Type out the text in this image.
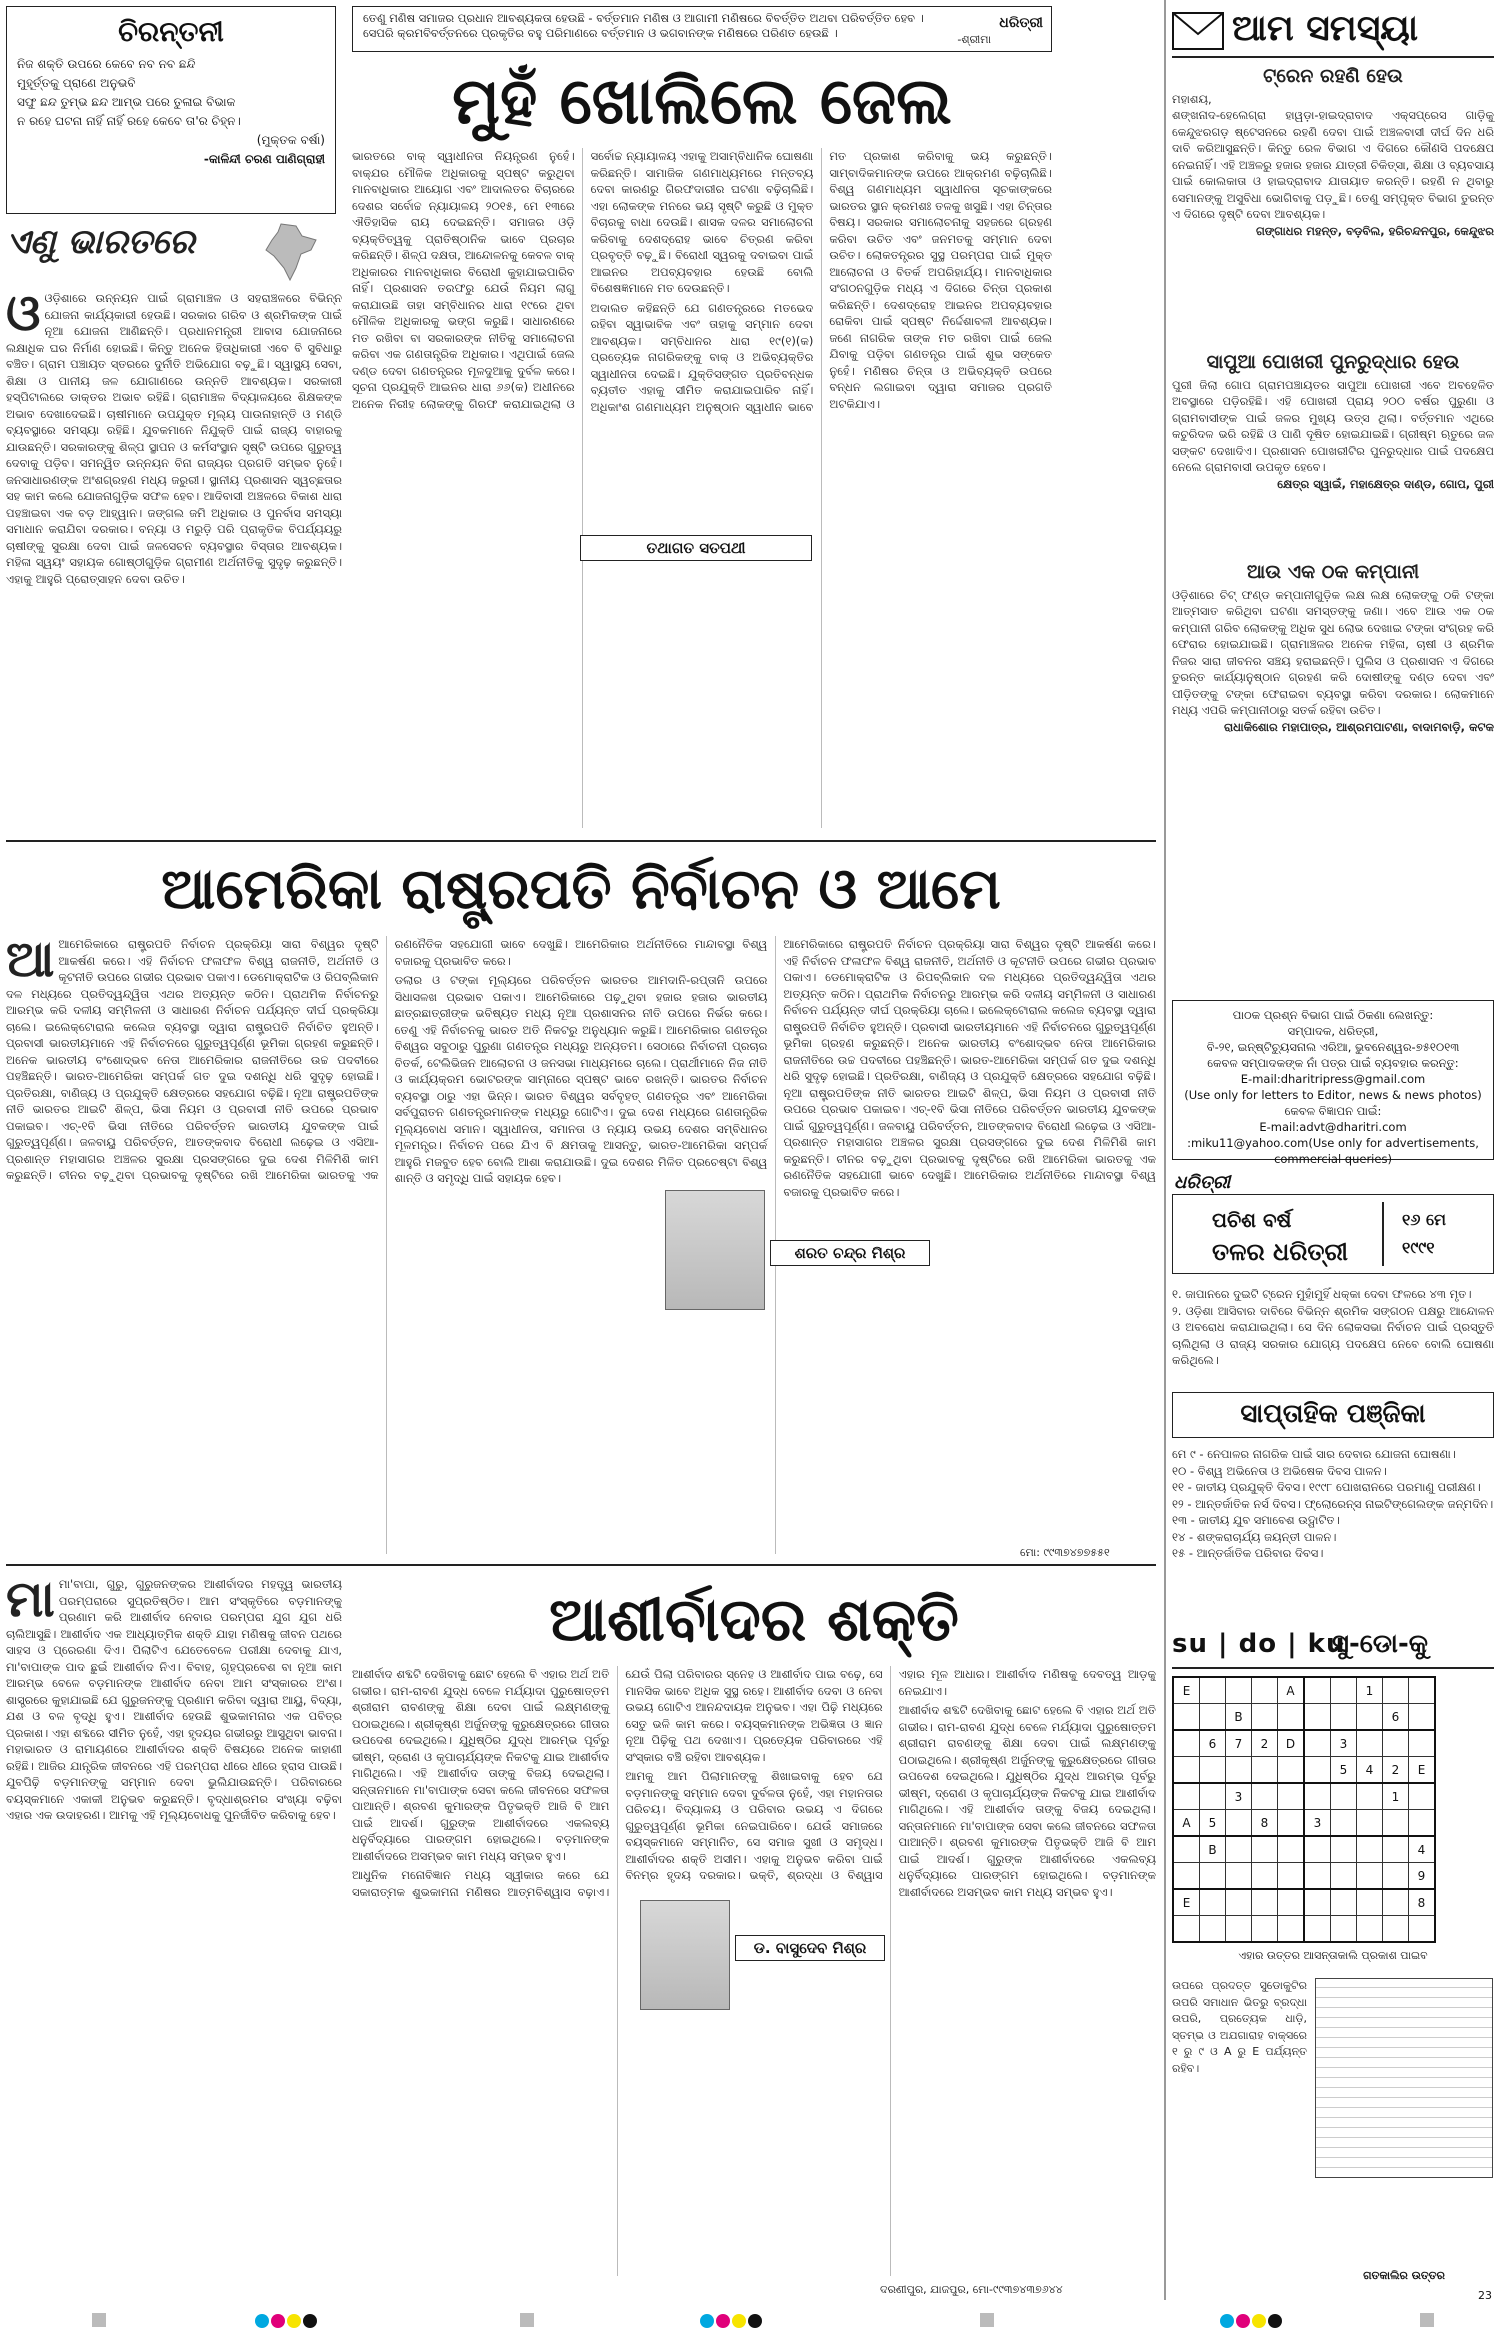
ଚିରନ୍ତନୀ
ନିଜ ଶକ୍ତି ଉପରେ କେବେ ନବ ନବ ଛନ୍ଦି
ମୁହୂର୍ତ୍ତକୁ ପ୍ରାଣେ ଅନୁଭବି
ସଫୁ ଛନ୍ଦ ତୁମ୍ଭ ଛନ୍ଦ ଆମ୍ଭ ପରେ ତୁଳାଇ ବିଭାକ
ନ ରହେ ଘଟନା ନାହିଁ ନାହିଁ ରହେ କେବେ ତା'ର ଚିହ୍ନ।
(ମୁକ୍ତକ ବର୍ଷା)
-କାଳିନ୍ଦୀ ଚରଣ ପାଣିଗ୍ରାହୀ
ଏଣୁ ଭାରତରେ
ଓ ଓଡ଼ିଶାରେ ଉନ୍ନୟନ ପାଇଁ ଗ୍ରାମାଞ୍ଚଳ ଓ ସହରାଞ୍ଚଳରେ ବିଭିନ୍ନ ଯୋଜନା କାର୍ଯ୍ୟକାରୀ ହେଉଛି। ସରକାର ଗରିବ ଓ ଶ୍ରମିକଙ୍କ ପାଇଁ ନୂଆ ଯୋଜନା ଆଣିଛନ୍ତି। ପ୍ରଧାନମନ୍ତ୍ରୀ ଆବାସ ଯୋଜନାରେ ଲକ୍ଷାଧିକ ଘର ନିର୍ମାଣ ହୋଇଛି। କିନ୍ତୁ ଅନେକ ହିତାଧିକାରୀ ଏବେ ବି ସୁବିଧାରୁ ବଞ୍ଚିତ। ଗ୍ରାମ ପଞ୍ଚାୟତ ସ୍ତରରେ ଦୁର୍ନୀତି ଅଭିଯୋଗ ବଢ଼ୁଛି। ସ୍ୱାସ୍ଥ୍ୟ ସେବା, ଶିକ୍ଷା ଓ ପାନୀୟ ଜଳ ଯୋଗାଣରେ ଉନ୍ନତି ଆବଶ୍ୟକ। ସରକାରୀ ହସ୍ପିଟାଲରେ ଡାକ୍ତର ଅଭାବ ରହିଛି। ଗ୍ରାମାଞ୍ଚଳ ବିଦ୍ୟାଳୟରେ ଶିକ୍ଷକଙ୍କ ଅଭାବ ଦେଖାଦେଇଛି। ଚାଷୀମାନେ ଉପଯୁକ୍ତ ମୂଲ୍ୟ ପାଉନାହାନ୍ତି ଓ ମଣ୍ଡି ବ୍ୟବସ୍ଥାରେ ସମସ୍ୟା ରହିଛି। ଯୁବକମାନେ ନିଯୁକ୍ତି ପାଇଁ ରାଜ୍ୟ ବାହାରକୁ ଯାଉଛନ୍ତି। ସରକାରଙ୍କୁ ଶିଳ୍ପ ସ୍ଥାପନ ଓ କର୍ମସଂସ୍ଥାନ ସୃଷ୍ଟି ଉପରେ ଗୁରୁତ୍ୱ ଦେବାକୁ ପଡ଼ିବ। ସମନ୍ୱିତ ଉନ୍ନୟନ ବିନା ରାଜ୍ୟର ପ୍ରଗତି ସମ୍ଭବ ନୁହେଁ। ଜନସାଧାରଣଙ୍କ ଅଂଶଗ୍ରହଣ ମଧ୍ୟ ଜରୁରୀ। ସ୍ଥାନୀୟ ପ୍ରଶାସନ ସ୍ୱଚ୍ଛତାର ସହ କାମ କଲେ ଯୋଜନାଗୁଡ଼ିକ ସଫଳ ହେବ। ଆଦିବାସୀ ଅଞ୍ଚଳରେ ବିକାଶ ଧାରା ପହଞ୍ଚାଇବା ଏକ ବଡ଼ ଆହ୍ୱାନ। ଜଙ୍ଗଲ ଜମି ଅଧିକାର ଓ ପୁନର୍ବାସ ସମସ୍ୟା ସମାଧାନ କରାଯିବା ଦରକାର। ବନ୍ୟା ଓ ମରୁଡ଼ି ପରି ପ୍ରାକୃତିକ ବିପର୍ଯ୍ୟୟରୁ ଚାଷୀଙ୍କୁ ସୁରକ୍ଷା ଦେବା ପାଇଁ ଜଳସେଚନ ବ୍ୟବସ୍ଥାର ବିସ୍ତାର ଆବଶ୍ୟକ। ମହିଳା ସ୍ୱୟଂ ସହାୟକ ଗୋଷ୍ଠୀଗୁଡ଼ିକ ଗ୍ରାମୀଣ ଅର୍ଥନୀତିକୁ ସୁଦୃଢ଼ କରୁଛନ୍ତି। ଏହାକୁ ଆହୁରି ପ୍ରୋତ୍ସାହନ ଦେବା ଉଚିତ।
ତେଣୁ ମଣିଷ ସମାଜର ପ୍ରଧାନ ଆବଶ୍ୟକତା ହେଉଛି - ବର୍ତ୍ତମାନ ମଣିଷ ଓ ଆଗାମୀ ମଣିଷରେ ବିବର୍ତ୍ତିତ ଅଥବା ପରିବର୍ତ୍ତିତ ହେବ ।
ସେପରି କ୍ରମବିବର୍ତ୍ତନରେ ପ୍ରକୃତିର ବହୁ ପରିମାଣରେ ବର୍ତ୍ତମାନ ଓ ଭଗବାନଙ୍କ ମଣିଷରେ ପରିଣତ ହେଉଛି ।	-ଶ୍ରୀମା
ଧରିତ୍ରୀ
ମୁହଁ ଖୋଲିଲେ ଜେଲ

ଭାରତରେ ବାକ୍ ସ୍ୱାଧୀନତା ନିୟନ୍ତ୍ରଣ ନୁହେଁ। ବାକ୍ଯର ମୌଳିକ ଅଧିକାରକୁ ସ୍ପଷ୍ଟ କରୁଥିବା ମାନବାଧିକାର ଆୟୋଗ ଏବଂ ଆଦାଲତର ବିଚାରରେ ଦେଶର ସର୍ବୋଚ୍ଚ ନ୍ୟାୟାଳୟ ୨୦୧୫, ମେ ୧୩ରେ ଐତିହାସିକ ରାୟ ଦେଇଛନ୍ତି। ସମାଜର ଓଡ଼ି ବ୍ୟକ୍ତିତ୍ୱକୁ ପ୍ରାତିଷ୍ଠାନିକ ଭାବେ ପ୍ରଚାର କରିଛନ୍ତି। ଶିଳ୍ପ ଦକ୍ଷତା, ଆନ୍ଦୋଳନକୁ କେବଳ ବାକ୍ ଅଧିକାରର ମାନବାଧିକାର ବିରୋଧୀ କୁହାଯାଇପାରିବ ନାହିଁ। ପ୍ରଶାସନ ତରଫରୁ ଯେଉଁ ନିୟମ ଲାଗୁ କରାଯାଉଛି ତାହା ସମ୍ବିଧାନର ଧାରା ୧୯ରେ ଥିବା ମୌଳିକ ଅଧିକାରକୁ ଭଙ୍ଗ କରୁଛି। ସାଧାରଣରେ ମତ ରଖିବା ବା ସରକାରଙ୍କ ନୀତିକୁ ସମାଲୋଚନା କରିବା ଏକ ଗଣତାନ୍ତ୍ରିକ ଅଧିକାର। ଏଥିପାଇଁ ଜେଲ ଦଣ୍ଡ ଦେବା ଗଣତନ୍ତ୍ରର ମୂଳଦୁଆକୁ ଦୁର୍ବଳ କରେ। ସୂଚନା ପ୍ରଯୁକ୍ତି ଆଇନର ଧାରା ୬୬(କ) ଅଧୀନରେ ଅନେକ ନିରୀହ ଲୋକଙ୍କୁ ଗିରଫ କରାଯାଇଥିଲା ଓ ସର୍ବୋଚ୍ଚ ନ୍ୟାୟାଳୟ ଏହାକୁ ଅସାମ୍ବିଧାନିକ ଘୋଷଣା କରିଛନ୍ତି। ସାମାଜିକ ଗଣମାଧ୍ୟମରେ ମନ୍ତବ୍ୟ ଦେବା କାରଣରୁ ଗିରଫଦାରୀର ଘଟଣା ବଢ଼ିଚାଲିଛି। ଏହା ଲୋକଙ୍କ ମନରେ ଭୟ ସୃଷ୍ଟି କରୁଛି ଓ ମୁକ୍ତ ବିଚାରକୁ ବାଧା ଦେଉଛି। ଶାସକ ଦଳର ସମାଲୋଚନା କରିବାକୁ ଦେଶଦ୍ରୋହ ଭାବେ ଚିତ୍ରଣ କରିବା ପ୍ରବୃତ୍ତି ବଢ଼ୁଛି। ବିରୋଧୀ ସ୍ୱରକୁ ଦବାଇବା ପାଇଁ ଆଇନର ଅପବ୍ୟବହାର ହେଉଛି ବୋଲି ବିଶେଷଜ୍ଞମାନେ ମତ ଦେଉଛନ୍ତି।

ଅଦାଲତ କହିଛନ୍ତି ଯେ ଗଣତନ୍ତ୍ରରେ ମତଭେଦ ରହିବା ସ୍ୱାଭାବିକ ଏବଂ ତାହାକୁ ସମ୍ମାନ ଦେବା ଆବଶ୍ୟକ। ସମ୍ବିଧାନର ଧାରା ୧୯(୧)(କ) ପ୍ରତ୍ୟେକ ନାଗରିକଙ୍କୁ ବାକ୍ ଓ ଅଭିବ୍ୟକ୍ତିର ସ୍ୱାଧୀନତା ଦେଇଛି। ଯୁକ୍ତିସଙ୍ଗତ ପ୍ରତିବନ୍ଧକ ବ୍ୟତୀତ ଏହାକୁ ସୀମିତ କରାଯାଇପାରିବ ନାହିଁ। ଅଧିକାଂଶ ଗଣମାଧ୍ୟମ ଅନୁଷ୍ଠାନ ସ୍ୱାଧୀନ ଭାବେ ମତ ପ୍ରକାଶ କରିବାକୁ ଭୟ କରୁଛନ୍ତି। ସାମ୍ବାଦିକମାନଙ୍କ ଉପରେ ଆକ୍ରମଣ ବଢ଼ିଚାଲିଛି। ବିଶ୍ୱ ଗଣମାଧ୍ୟମ ସ୍ୱାଧୀନତା ସୂଚକାଙ୍କରେ ଭାରତର ସ୍ଥାନ କ୍ରମଶଃ ତଳକୁ ଖସୁଛି। ଏହା ଚିନ୍ତାର ବିଷୟ। ସରକାର ସମାଲୋଚନାକୁ ସହଜରେ ଗ୍ରହଣ କରିବା ଉଚିତ ଏବଂ ଜନମତକୁ ସମ୍ମାନ ଦେବା ଉଚିତ। ଲୋକତନ୍ତ୍ରର ସୁସ୍ଥ ପରମ୍ପରା ପାଇଁ ମୁକ୍ତ ଆଲୋଚନା ଓ ବିତର୍କ ଅପରିହାର୍ଯ୍ୟ। ମାନବାଧିକାର ସଂଗଠନଗୁଡ଼ିକ ମଧ୍ୟ ଏ ଦିଗରେ ଚିନ୍ତା ପ୍ରକାଶ କରିଛନ୍ତି। ଦେଶଦ୍ରୋହ ଆଇନର ଅପବ୍ୟବହାର ରୋକିବା ପାଇଁ ସ୍ପଷ୍ଟ ନିର୍ଦ୍ଦେଶାବଳୀ ଆବଶ୍ୟକ। ଜଣେ ନାଗରିକ ତାଙ୍କ ମତ ରଖିବା ପାଇଁ ଜେଲ ଯିବାକୁ ପଡ଼ିବା ଗଣତନ୍ତ୍ର ପାଇଁ ଶୁଭ ସଙ୍କେତ ନୁହେଁ। ମଣିଷର ଚିନ୍ତା ଓ ଅଭିବ୍ୟକ୍ତି ଉପରେ ବନ୍ଧନ ଲଗାଇବା ଦ୍ୱାରା ସମାଜର ପ୍ରଗତି ଅଟକିଯାଏ।

ତଥାଗତ ସତପଥୀ
ଆମେରିକା ରାଷ୍ଟ୍ରପତି ନିର୍ବାଚନ ଓ ଆମେ
ଆ ଆମେରିକାରେ ରାଷ୍ଟ୍ରପତି ନିର୍ବାଚନ ପ୍ରକ୍ରିୟା ସାରା ବିଶ୍ୱର ଦୃଷ୍ଟି ଆକର୍ଷଣ କରେ। ଏହି ନିର୍ବାଚନ ଫଳାଫଳ ବିଶ୍ୱ ରାଜନୀତି, ଅର୍ଥନୀତି ଓ କୂଟନୀତି ଉପରେ ଗଭୀର ପ୍ରଭାବ ପକାଏ। ଡେମୋକ୍ରାଟିକ ଓ ରିପବ୍ଲିକାନ ଦଳ ମଧ୍ୟରେ ପ୍ରତିଦ୍ୱନ୍ଦ୍ୱିତା ଏଥର ଅତ୍ୟନ୍ତ କଠିନ। ପ୍ରାଥମିକ ନିର୍ବାଚନରୁ ଆରମ୍ଭ କରି ଦଳୀୟ ସମ୍ମିଳନୀ ଓ ସାଧାରଣ ନିର୍ବାଚନ ପର୍ଯ୍ୟନ୍ତ ଦୀର୍ଘ ପ୍ରକ୍ରିୟା ଚାଲେ। ଇଲେକ୍ଟୋରାଲ କଲେଜ ବ୍ୟବସ୍ଥା ଦ୍ୱାରା ରାଷ୍ଟ୍ରପତି ନିର୍ବାଚିତ ହୁଅନ୍ତି। ପ୍ରବାସୀ ଭାରତୀୟମାନେ ଏହି ନିର୍ବାଚନରେ ଗୁରୁତ୍ୱପୂର୍ଣ୍ଣ ଭୂମିକା ଗ୍ରହଣ କରୁଛନ୍ତି। ଅନେକ ଭାରତୀୟ ବଂଶୋଦ୍ଭବ ନେତା ଆମେରିକାର ରାଜନୀତିରେ ଉଚ୍ଚ ପଦବୀରେ ପହଞ୍ଚିଛନ୍ତି। ଭାରତ-ଆମେରିକା ସମ୍ପର୍କ ଗତ ଦୁଇ ଦଶନ୍ଧି ଧରି ସୁଦୃଢ଼ ହୋଇଛି। ପ୍ରତିରକ୍ଷା, ବାଣିଜ୍ୟ ଓ ପ୍ରଯୁକ୍ତି କ୍ଷେତ୍ରରେ ସହଯୋଗ ବଢ଼ିଛି। ନୂଆ ରାଷ୍ଟ୍ରପତିଙ୍କ ନୀତି ଭାରତର ଆଇଟି ଶିଳ୍ପ, ଭିସା ନିୟମ ଓ ପ୍ରବାସୀ ନୀତି ଉପରେ ପ୍ରଭାବ ପକାଇବ। ଏଚ୍-୧ବି ଭିସା ନୀତିରେ ପରିବର୍ତ୍ତନ ଭାରତୀୟ ଯୁବକଙ୍କ ପାଇଁ ଗୁରୁତ୍ୱପୂର୍ଣ୍ଣ। ଜଳବାୟୁ ପରିବର୍ତ୍ତନ, ଆତଙ୍କବାଦ ବିରୋଧୀ ଲଢ଼େଇ ଓ ଏସିଆ-ପ୍ରଶାନ୍ତ ମହାସାଗର ଅଞ୍ଚଳର ସୁରକ୍ଷା ପ୍ରସଙ୍ଗରେ ଦୁଇ ଦେଶ ମିଳିମିଶି କାମ କରୁଛନ୍ତି। ଚୀନର ବଢ଼ୁଥିବା ପ୍ରଭାବକୁ ଦୃଷ୍ଟିରେ ରଖି ଆମେରିକା ଭାରତକୁ ଏକ ରଣନୈତିକ ସହଯୋଗୀ ଭାବେ ଦେଖୁଛି। ଆମେରିକାର ଅର୍ଥନୀତିରେ ମାନ୍ଦାବସ୍ଥା ବିଶ୍ୱ ବଜାରକୁ ପ୍ରଭାବିତ କରେ।

ଡଲାର ଓ ଟଙ୍କା ମୂଲ୍ୟରେ ପରିବର୍ତ୍ତନ ଭାରତର ଆମଦାନି-ରପ୍ତାନି ଉପରେ ସିଧାସଳଖ ପ୍ରଭାବ ପକାଏ। ଆମେରିକାରେ ପଢ଼ୁଥିବା ହଜାର ହଜାର ଭାରତୀୟ ଛାତ୍ରଛାତ୍ରୀଙ୍କ ଭବିଷ୍ୟତ ମଧ୍ୟ ନୂଆ ପ୍ରଶାସନର ନୀତି ଉପରେ ନିର୍ଭର କରେ। ତେଣୁ ଏହି ନିର୍ବାଚନକୁ ଭାରତ ଅତି ନିକଟରୁ ଅନୁଧ୍ୟାନ କରୁଛି। ଆମେରିକାର ଗଣତନ୍ତ୍ର ବିଶ୍ୱର ସବୁଠାରୁ ପୁରୁଣା ଗଣତନ୍ତ୍ର ମଧ୍ୟରୁ ଅନ୍ୟତମ। ସେଠାରେ ନିର୍ବାଚନୀ ପ୍ରଚାର ବିତର୍କ, ଟେଲିଭିଜନ ଆଲୋଚନା ଓ ଜନସଭା ମାଧ୍ୟମରେ ଚାଲେ। ପ୍ରାର୍ଥୀମାନେ ନିଜ ନୀତି ଓ କାର୍ଯ୍ୟକ୍ରମ ଭୋଟରଙ୍କ ସାମ୍ନାରେ ସ୍ପଷ୍ଟ ଭାବେ ରଖନ୍ତି। ଭାରତର ନିର୍ବାଚନ ବ୍ୟବସ୍ଥା ଠାରୁ ଏହା ଭିନ୍ନ। ଭାରତ ବିଶ୍ୱର ସର୍ବବୃହତ୍ ଗଣତନ୍ତ୍ର ଏବଂ ଆମେରିକା ସର୍ବପୁରାତନ ଗଣତନ୍ତ୍ରମାନଙ୍କ ମଧ୍ୟରୁ ଗୋଟିଏ। ଦୁଇ ଦେଶ ମଧ୍ୟରେ ଗଣତାନ୍ତ୍ରିକ ମୂଲ୍ୟବୋଧ ସମାନ। ସ୍ୱାଧୀନତା, ସମାନତା ଓ ନ୍ୟାୟ ଉଭୟ ଦେଶର ସମ୍ବିଧାନର ମୂଳମନ୍ତ୍ର। ନିର୍ବାଚନ ପରେ ଯିଏ ବି କ୍ଷମତାକୁ ଆସନ୍ତୁ, ଭାରତ-ଆମେରିକା ସମ୍ପର୍କ ଆହୁରି ମଜବୁତ ହେବ ବୋଲି ଆଶା କରାଯାଉଛି। ଦୁଇ ଦେଶର ମିଳିତ ପ୍ରଚେଷ୍ଟା ବିଶ୍ୱ ଶାନ୍ତି ଓ ସମୃଦ୍ଧି ପାଇଁ ସହାୟକ ହେବ।

ଆମେରିକାରେ ରାଷ୍ଟ୍ରପତି ନିର୍ବାଚନ ପ୍ରକ୍ରିୟା ସାରା ବିଶ୍ୱର ଦୃଷ୍ଟି ଆକର୍ଷଣ କରେ। ଏହି ନିର୍ବାଚନ ଫଳାଫଳ ବିଶ୍ୱ ରାଜନୀତି, ଅର୍ଥନୀତି ଓ କୂଟନୀତି ଉପରେ ଗଭୀର ପ୍ରଭାବ ପକାଏ। ଡେମୋକ୍ରାଟିକ ଓ ରିପବ୍ଲିକାନ ଦଳ ମଧ୍ୟରେ ପ୍ରତିଦ୍ୱନ୍ଦ୍ୱିତା ଏଥର ଅତ୍ୟନ୍ତ କଠିନ। ପ୍ରାଥମିକ ନିର୍ବାଚନରୁ ଆରମ୍ଭ କରି ଦଳୀୟ ସମ୍ମିଳନୀ ଓ ସାଧାରଣ ନିର୍ବାଚନ ପର୍ଯ୍ୟନ୍ତ ଦୀର୍ଘ ପ୍ରକ୍ରିୟା ଚାଲେ। ଇଲେକ୍ଟୋରାଲ କଲେଜ ବ୍ୟବସ୍ଥା ଦ୍ୱାରା ରାଷ୍ଟ୍ରପତି ନିର୍ବାଚିତ ହୁଅନ୍ତି। ପ୍ରବାସୀ ଭାରତୀୟମାନେ ଏହି ନିର୍ବାଚନରେ ଗୁରୁତ୍ୱପୂର୍ଣ୍ଣ ଭୂମିକା ଗ୍ରହଣ କରୁଛନ୍ତି। ଅନେକ ଭାରତୀୟ ବଂଶୋଦ୍ଭବ ନେତା ଆମେରିକାର ରାଜନୀତିରେ ଉଚ୍ଚ ପଦବୀରେ ପହଞ୍ଚିଛନ୍ତି। ଭାରତ-ଆମେରିକା ସମ୍ପର୍କ ଗତ ଦୁଇ ଦଶନ୍ଧି ଧରି ସୁଦୃଢ଼ ହୋଇଛି। ପ୍ରତିରକ୍ଷା, ବାଣିଜ୍ୟ ଓ ପ୍ରଯୁକ୍ତି କ୍ଷେତ୍ରରେ ସହଯୋଗ ବଢ଼ିଛି। ନୂଆ ରାଷ୍ଟ୍ରପତିଙ୍କ ନୀତି ଭାରତର ଆଇଟି ଶିଳ୍ପ, ଭିସା ନିୟମ ଓ ପ୍ରବାସୀ ନୀତି ଉପରେ ପ୍ରଭାବ ପକାଇବ। ଏଚ୍-୧ବି ଭିସା ନୀତିରେ ପରିବର୍ତ୍ତନ ଭାରତୀୟ ଯୁବକଙ୍କ ପାଇଁ ଗୁରୁତ୍ୱପୂର୍ଣ୍ଣ। ଜଳବାୟୁ ପରିବର୍ତ୍ତନ, ଆତଙ୍କବାଦ ବିରୋଧୀ ଲଢ଼େଇ ଓ ଏସିଆ-ପ୍ରଶାନ୍ତ ମହାସାଗର ଅଞ୍ଚଳର ସୁରକ୍ଷା ପ୍ରସଙ୍ଗରେ ଦୁଇ ଦେଶ ମିଳିମିଶି କାମ କରୁଛନ୍ତି। ଚୀନର ବଢ଼ୁଥିବା ପ୍ରଭାବକୁ ଦୃଷ୍ଟିରେ ରଖି ଆମେରିକା ଭାରତକୁ ଏକ ରଣନୈତିକ ସହଯୋଗୀ ଭାବେ ଦେଖୁଛି। ଆମେରିକାର ଅର୍ଥନୀତିରେ ମାନ୍ଦାବସ୍ଥା ବିଶ୍ୱ ବଜାରକୁ ପ୍ରଭାବିତ କରେ।

ଶରତ ଚନ୍ଦ୍ର ମିଶ୍ର
ମୋ: ୯୯୩୭୪୭୭୫୫୧
ମା ମା'ବାପା, ଗୁରୁ, ଗୁରୁଜନଙ୍କର ଆଶୀର୍ବାଦର ମହତ୍ତ୍ୱ ଭାରତୀୟ ପରମ୍ପରାରେ ସୁପ୍ରତିଷ୍ଠିତ। ଆମ ସଂସ୍କୃତିରେ ବଡ଼ମାନଙ୍କୁ ପ୍ରଣାମ କରି ଆଶୀର୍ବାଦ ନେବାର ପରମ୍ପରା ଯୁଗ ଯୁଗ ଧରି ଚାଲିଆସୁଛି। ଆଶୀର୍ବାଦ ଏକ ଆଧ୍ୟାତ୍ମିକ ଶକ୍ତି ଯାହା ମଣିଷକୁ ଜୀବନ ପଥରେ ସାହସ ଓ ପ୍ରେରଣା ଦିଏ। ପିଲାଟିଏ ଯେତେବେଳେ ପରୀକ୍ଷା ଦେବାକୁ ଯାଏ, ମା'ବାପାଙ୍କ ପାଦ ଛୁଇଁ ଆଶୀର୍ବାଦ ନିଏ। ବିବାହ, ଗୃହପ୍ରବେଶ ବା ନୂଆ କାମ ଆରମ୍ଭ ବେଳେ ବଡ଼ମାନଙ୍କ ଆଶୀର୍ବାଦ ନେବା ଆମ ସଂସ୍କାରର ଅଂଶ। ଶାସ୍ତ୍ରରେ କୁହାଯାଇଛି ଯେ ଗୁରୁଜନଙ୍କୁ ପ୍ରଣାମ କରିବା ଦ୍ୱାରା ଆୟୁ, ବିଦ୍ୟା, ଯଶ ଓ ବଳ ବୃଦ୍ଧି ହୁଏ। ଆଶୀର୍ବାଦ ହେଉଛି ଶୁଭକାମନାର ଏକ ପବିତ୍ର ପ୍ରକାଶ। ଏହା ଶବ୍ଦରେ ସୀମିତ ନୁହେଁ, ଏହା ହୃଦୟର ଗଭୀରରୁ ଆସୁଥିବା ଭାବନା। ମହାଭାରତ ଓ ରାମାୟଣରେ ଆଶୀର୍ବାଦର ଶକ୍ତି ବିଷୟରେ ଅନେକ କାହାଣୀ ରହିଛି। ଆଜିର ଯାନ୍ତ୍ରିକ ଜୀବନରେ ଏହି ପରମ୍ପରା ଧୀରେ ଧୀରେ ହ୍ରାସ ପାଉଛି। ଯୁବପିଢ଼ି ବଡ଼ମାନଙ୍କୁ ସମ୍ମାନ ଦେବା ଭୁଲିଯାଉଛନ୍ତି। ପରିବାରରେ ବୟସ୍କମାନେ ଏକାକୀ ଅନୁଭବ କରୁଛନ୍ତି। ବୃଦ୍ଧାଶ୍ରମର ସଂଖ୍ୟା ବଢ଼ିବା ଏହାର ଏକ ଉଦାହରଣ। ଆମକୁ ଏହି ମୂଲ୍ୟବୋଧକୁ ପୁନର୍ଜୀବିତ କରିବାକୁ ହେବ।
ଆଶୀର୍ବାଦର ଶକ୍ତି

ଆଶୀର୍ବାଦ ଶବ୍ଦଟି ଦେଖିବାକୁ ଛୋଟ ହେଲେ ବି ଏହାର ଅର୍ଥ ଅତି ଗଭୀର। ରାମ-ରାବଣ ଯୁଦ୍ଧ ବେଳେ ମର୍ଯ୍ୟାଦା ପୁରୁଷୋତ୍ତମ ଶ୍ରୀରାମ ରାବଣଙ୍କୁ ଶିକ୍ଷା ଦେବା ପାଇଁ ଲକ୍ଷ୍ମଣଙ୍କୁ ପଠାଇଥିଲେ। ଶ୍ରୀକୃଷ୍ଣ ଅର୍ଜୁନଙ୍କୁ କୁରୁକ୍ଷେତ୍ରରେ ଗୀତାର ଉପଦେଶ ଦେଇଥିଲେ। ଯୁଧିଷ୍ଠିର ଯୁଦ୍ଧ ଆରମ୍ଭ ପୂର୍ବରୁ ଭୀଷ୍ମ, ଦ୍ରୋଣ ଓ କୃପାଚାର୍ଯ୍ୟଙ୍କ ନିକଟକୁ ଯାଇ ଆଶୀର୍ବାଦ ମାଗିଥିଲେ। ଏହି ଆଶୀର୍ବାଦ ତାଙ୍କୁ ବିଜୟ ଦେଇଥିଲା। ସନ୍ତାନମାନେ ମା'ବାପାଙ୍କ ସେବା କଲେ ଜୀବନରେ ସଫଳତା ପାଆନ୍ତି। ଶ୍ରବଣ କୁମାରଙ୍କ ପିତୃଭକ୍ତି ଆଜି ବି ଆମ ପାଇଁ ଆଦର୍ଶ। ଗୁରୁଙ୍କ ଆଶୀର୍ବାଦରେ ଏକଲବ୍ୟ ଧନୁର୍ବିଦ୍ୟାରେ ପାରଙ୍ଗମ ହୋଇଥିଲେ। ବଡ଼ମାନଙ୍କ ଆଶୀର୍ବାଦରେ ଅସମ୍ଭବ କାମ ମଧ୍ୟ ସମ୍ଭବ ହୁଏ।

ଆଧୁନିକ ମନୋବିଜ୍ଞାନ ମଧ୍ୟ ସ୍ୱୀକାର କରେ ଯେ ସକାରାତ୍ମକ ଶୁଭକାମନା ମଣିଷର ଆତ୍ମବିଶ୍ୱାସ ବଢ଼ାଏ। ଯେଉଁ ପିଲା ପରିବାରର ସ୍ନେହ ଓ ଆଶୀର୍ବାଦ ପାଇ ବଢ଼େ, ସେ ମାନସିକ ଭାବେ ଅଧିକ ସୁସ୍ଥ ରହେ। ଆଶୀର୍ବାଦ ଦେବା ଓ ନେବା ଉଭୟ ଗୋଟିଏ ଆନନ୍ଦଦାୟକ ଅନୁଭବ। ଏହା ପିଢ଼ି ମଧ୍ୟରେ ସେତୁ ଭଳି କାମ କରେ। ବୟସ୍କମାନଙ୍କ ଅଭିଜ୍ଞତା ଓ ଜ୍ଞାନ ନୂଆ ପିଢ଼ିକୁ ପଥ ଦେଖାଏ। ପ୍ରତ୍ୟେକ ପରିବାରରେ ଏହି ସଂସ୍କାର ବଞ୍ଚି ରହିବା ଆବଶ୍ୟକ।

ଆମକୁ ଆମ ପିଲାମାନଙ୍କୁ ଶିଖାଇବାକୁ ହେବ ଯେ ବଡ଼ମାନଙ୍କୁ ସମ୍ମାନ ଦେବା ଦୁର୍ବଳତା ନୁହେଁ, ଏହା ମହାନତାର ପରିଚୟ। ବିଦ୍ୟାଳୟ ଓ ପରିବାର ଉଭୟ ଏ ଦିଗରେ ଗୁରୁତ୍ୱପୂର୍ଣ୍ଣ ଭୂମିକା ନେଇପାରିବେ। ଯେଉଁ ସମାଜରେ ବୟସ୍କମାନେ ସମ୍ମାନିତ, ସେ ସମାଜ ସୁଖୀ ଓ ସମୃଦ୍ଧ। ଆଶୀର୍ବାଦର ଶକ୍ତି ଅସୀମ। ଏହାକୁ ଅନୁଭବ କରିବା ପାଇଁ ବିନମ୍ର ହୃଦୟ ଦରକାର। ଭକ୍ତି, ଶ୍ରଦ୍ଧା ଓ ବିଶ୍ୱାସ ଏହାର ମୂଳ ଆଧାର। ଆଶୀର୍ବାଦ ମଣିଷକୁ ଦେବତ୍ୱ ଆଡ଼କୁ ନେଇଯାଏ।

ଆଶୀର୍ବାଦ ଶବ୍ଦଟି ଦେଖିବାକୁ ଛୋଟ ହେଲେ ବି ଏହାର ଅର୍ଥ ଅତି ଗଭୀର। ରାମ-ରାବଣ ଯୁଦ୍ଧ ବେଳେ ମର୍ଯ୍ୟାଦା ପୁରୁଷୋତ୍ତମ ଶ୍ରୀରାମ ରାବଣଙ୍କୁ ଶିକ୍ଷା ଦେବା ପାଇଁ ଲକ୍ଷ୍ମଣଙ୍କୁ ପଠାଇଥିଲେ। ଶ୍ରୀକୃଷ୍ଣ ଅର୍ଜୁନଙ୍କୁ କୁରୁକ୍ଷେତ୍ରରେ ଗୀତାର ଉପଦେଶ ଦେଇଥିଲେ। ଯୁଧିଷ୍ଠିର ଯୁଦ୍ଧ ଆରମ୍ଭ ପୂର୍ବରୁ ଭୀଷ୍ମ, ଦ୍ରୋଣ ଓ କୃପାଚାର୍ଯ୍ୟଙ୍କ ନିକଟକୁ ଯାଇ ଆଶୀର୍ବାଦ ମାଗିଥିଲେ। ଏହି ଆଶୀର୍ବାଦ ତାଙ୍କୁ ବିଜୟ ଦେଇଥିଲା। ସନ୍ତାନମାନେ ମା'ବାପାଙ୍କ ସେବା କଲେ ଜୀବନରେ ସଫଳତା ପାଆନ୍ତି। ଶ୍ରବଣ କୁମାରଙ୍କ ପିତୃଭକ୍ତି ଆଜି ବି ଆମ ପାଇଁ ଆଦର୍ଶ। ଗୁରୁଙ୍କ ଆଶୀର୍ବାଦରେ ଏକଲବ୍ୟ ଧନୁର୍ବିଦ୍ୟାରେ ପାରଙ୍ଗମ ହୋଇଥିଲେ। ବଡ଼ମାନଙ୍କ ଆଶୀର୍ବାଦରେ ଅସମ୍ଭବ କାମ ମଧ୍ୟ ସମ୍ଭବ ହୁଏ।

ଡ. ବାସୁଦେବ ମିଶ୍ର
ଦରଣୀପୁର, ଯାଜପୁର, ମୋ-୯୯୩୭୪୩୭୬୪୪
ଆମ ସମସ୍ୟା
ଟ୍ରେନ ରହଣି ହେଉ
ମହାଶୟ,
ଶଙ୍ଖନାଦ-ହେଲେଗ୍ରା ହାୱଡ଼ା-ହାଇଦ୍ରାବାଦ ଏକ୍ସପ୍ରେସ ଗାଡ଼ିକୁ କେନ୍ଦୁଝରଗଡ଼ ଷ୍ଟେସନରେ ରହଣି ଦେବା ପାଇଁ ଅଞ୍ଚଳବାସୀ ଦୀର୍ଘ ଦିନ ଧରି ଦାବି କରିଆସୁଛନ୍ତି। କିନ୍ତୁ ରେଳ ବିଭାଗ ଏ ଦିଗରେ କୌଣସି ପଦକ୍ଷେପ ନେଇନାହିଁ। ଏହି ଅଞ୍ଚଳରୁ ହଜାର ହଜାର ଯାତ୍ରୀ ଚିକିତ୍ସା, ଶିକ୍ଷା ଓ ବ୍ୟବସାୟ ପାଇଁ କୋଲକାତା ଓ ହାଇଦ୍ରାବାଦ ଯାତାୟାତ କରନ୍ତି। ରହଣି ନ ଥିବାରୁ ସେମାନଙ୍କୁ ଅସୁବିଧା ଭୋଗିବାକୁ ପଡ଼ୁଛି। ତେଣୁ ସମ୍ପୃକ୍ତ ବିଭାଗ ତୁରନ୍ତ ଏ ଦିଗରେ ଦୃଷ୍ଟି ଦେବା ଆବଶ୍ୟକ।
ଗଙ୍ଗାଧର ମହନ୍ତ, ବଡ଼ବିଲ, ହରିଚନ୍ଦନପୁର, କେନ୍ଦୁଝର
ସାପୁଆ ପୋଖରୀ ପୁନରୁଦ୍ଧାର ହେଉ
ପୁରୀ ଜିଲା ଗୋପ ଗ୍ରାମପଞ୍ଚାୟତର ସାପୁଆ ପୋଖରୀ ଏବେ ଅବହେଳିତ ଅବସ୍ଥାରେ ପଡ଼ିରହିଛି। ଏହି ପୋଖରୀ ପ୍ରାୟ ୨୦୦ ବର୍ଷର ପୁରୁଣା ଓ ଗ୍ରାମବାସୀଙ୍କ ପାଇଁ ଜଳର ମୁଖ୍ୟ ଉତ୍ସ ଥିଲା। ବର୍ତ୍ତମାନ ଏଥିରେ କଚୁରିଦଳ ଭରି ରହିଛି ଓ ପାଣି ଦୂଷିତ ହୋଇଯାଇଛି। ଗ୍ରୀଷ୍ମ ଋତୁରେ ଜଳ ସଙ୍କଟ ଦେଖାଦିଏ। ପ୍ରଶାସନ ପୋଖରୀଟିର ପୁନରୁଦ୍ଧାର ପାଇଁ ପଦକ୍ଷେପ ନେଲେ ଗ୍ରାମବାସୀ ଉପକୃତ ହେବେ।
କ୍ଷେତ୍ର ସ୍ୱାଇଁ, ମହାକ୍ଷେତ୍ର ଦାଣ୍ଡ, ଗୋପ, ପୁରୀ
ଆଉ ଏକ ଠକ କମ୍ପାନୀ
ଓଡ଼ିଶାରେ ଚିଟ୍ ଫଣ୍ଡ କମ୍ପାନୀଗୁଡ଼ିକ ଲକ୍ଷ ଲକ୍ଷ ଲୋକଙ୍କୁ ଠକି ଟଙ୍କା ଆତ୍ମସାତ କରିଥିବା ଘଟଣା ସମସ୍ତଙ୍କୁ ଜଣା। ଏବେ ଆଉ ଏକ ଠକ କମ୍ପାନୀ ଗରିବ ଲୋକଙ୍କୁ ଅଧିକ ସୁଧ ଲୋଭ ଦେଖାଇ ଟଙ୍କା ସଂଗ୍ରହ କରି ଫେରାର ହୋଇଯାଇଛି। ଗ୍ରାମାଞ୍ଚଳର ଅନେକ ମହିଳା, ଚାଷୀ ଓ ଶ୍ରମିକ ନିଜର ସାରା ଜୀବନର ସଞ୍ଚୟ ହରାଇଛନ୍ତି। ପୁଲିସ ଓ ପ୍ରଶାସନ ଏ ଦିଗରେ ତୁରନ୍ତ କାର୍ଯ୍ୟାନୁଷ୍ଠାନ ଗ୍ରହଣ କରି ଦୋଷୀଙ୍କୁ ଦଣ୍ଡ ଦେବା ଏବଂ ପୀଡ଼ିତଙ୍କୁ ଟଙ୍କା ଫେରାଇବା ବ୍ୟବସ୍ଥା କରିବା ଦରକାର। ଲୋକମାନେ ମଧ୍ୟ ଏପରି କମ୍ପାନୀଠାରୁ ସତର୍କ ରହିବା ଉଚିତ।
ରାଧାକିଶୋର ମହାପାତ୍ର, ଆଶ୍ରମପାଟଣା, ବାଦାମବାଡ଼ି, କଟକ
ପାଠକ ପ୍ରଶ୍ନ ବିଭାଗ ପାଇଁ ଠିକଣା ଲେଖନ୍ତୁ:
ସମ୍ପାଦକ, ଧରିତ୍ରୀ,
ବି-୨୧, ଇନ୍‌ଷ୍ଟିଚ୍ୟୁସନାଲ ଏରିଆ, ଭୁବନେଶ୍ୱର-୭୫୧୦୧୩
କେବଳ ସମ୍ପାଦକଙ୍କ ନାଁ ପତ୍ର ପାଇଁ ବ୍ୟବହାର କରନ୍ତୁ:
E-mail:dharitripress@gmail.com
(Use only for letters to Editor, news & news photos)
କେବଳ ବିଜ୍ଞାପନ ପାଇଁ:
E-mail:advt@dharitri.com
:miku11@yahoo.com(Use only for advertisements, commercial queries)
ଧରିତ୍ରୀ
ପଚିଶ ବର୍ଷ
ତଳର ଧରିତ୍ରୀ
୧୬ ମେ
୧୯୯୧
୧. ଜାପାନରେ ଦୁଇଟି ଟ୍ରେନ ମୁହାଁମୁହିଁ ଧକ୍କା ଦେବା ଫଳରେ ୪୩ ମୃତ।
୨. ଓଡ଼ିଶା ଆସିବାର ଦାବିରେ ବିଭିନ୍ନ ଶ୍ରମିକ ସଙ୍ଗଠନ ପକ୍ଷରୁ ଆନ୍ଦୋଳନ ଓ ଅବରୋଧ କରାଯାଇଥିଲା। ସେ ଦିନ ଲୋକସଭା ନିର୍ବାଚନ ପାଇଁ ପ୍ରସ୍ତୁତି ଚାଲିଥିଲା ଓ ରାଜ୍ୟ ସରକାର ଯୋଗ୍ୟ ପଦକ୍ଷେପ ନେବେ ବୋଲି ଘୋଷଣା କରିଥିଲେ।
ସାପ୍ତାହିକ ପଞ୍ଜିକା
ମେ ୯ - ନେପାଳର ନାଗରିକ ପାଇଁ ସାର ଦେବାର ଯୋଜନା ଘୋଷଣା।
୧୦ - ବିଶ୍ୱ ଅଭିନେତା ଓ ଅଭିଷେକ ଦିବସ ପାଳନ।
୧୧ - ଜାତୀୟ ପ୍ରଯୁକ୍ତି ଦିବସ। ୧୯୯୮ ପୋଖରାନରେ ପରମାଣୁ ପରୀକ୍ଷଣ।
୧୨ - ଆନ୍ତର୍ଜାତିକ ନର୍ସ ଦିବସ। ଫ୍ଲୋରେନ୍ସ ନାଇଟିଙ୍ଗେଲଙ୍କ ଜନ୍ମଦିନ।
୧୩ - ଜାତୀୟ ଯୁବ ସମାବେଶ ଉଦ୍ଘାଟିତ।
୧୪ - ଶଙ୍କରାଚାର୍ଯ୍ୟ ଜୟନ୍ତୀ ପାଳନ।
୧୫ - ଆନ୍ତର୍ଜାତିକ ପରିବାର ଦିବସ।
su | do | ku
ସୁ-ଡୋ-କୁ
E				A			1		
		B						6	
	6	7	2	D		3			
						5	4	2	E
		3						1	
A	5		8		3				
	B								4
									9
E									8

ଏହାର ଉତ୍ତର ଆସନ୍ତାକାଲି ପ୍ରକାଶ ପାଇବ
ଉପରେ ପ୍ରଦତ୍ତ ସୁଡୋକୁଟିର ଉପରି ସମାଧାନ ଭିତରୁ ବ୍ରଦ୍ଧା ଉପରି, ପ୍ରତ୍ୟେକ ଧାଡ଼ି, ସ୍ତମ୍ଭ ଓ ଅଯଗାରାହ ବାକ୍ସରେ ୧ ରୁ ୯ ଓ A ରୁ E ପର୍ଯ୍ୟନ୍ତ ରହିବ।
ଗତକାଲିର ଉତ୍ତର
23
